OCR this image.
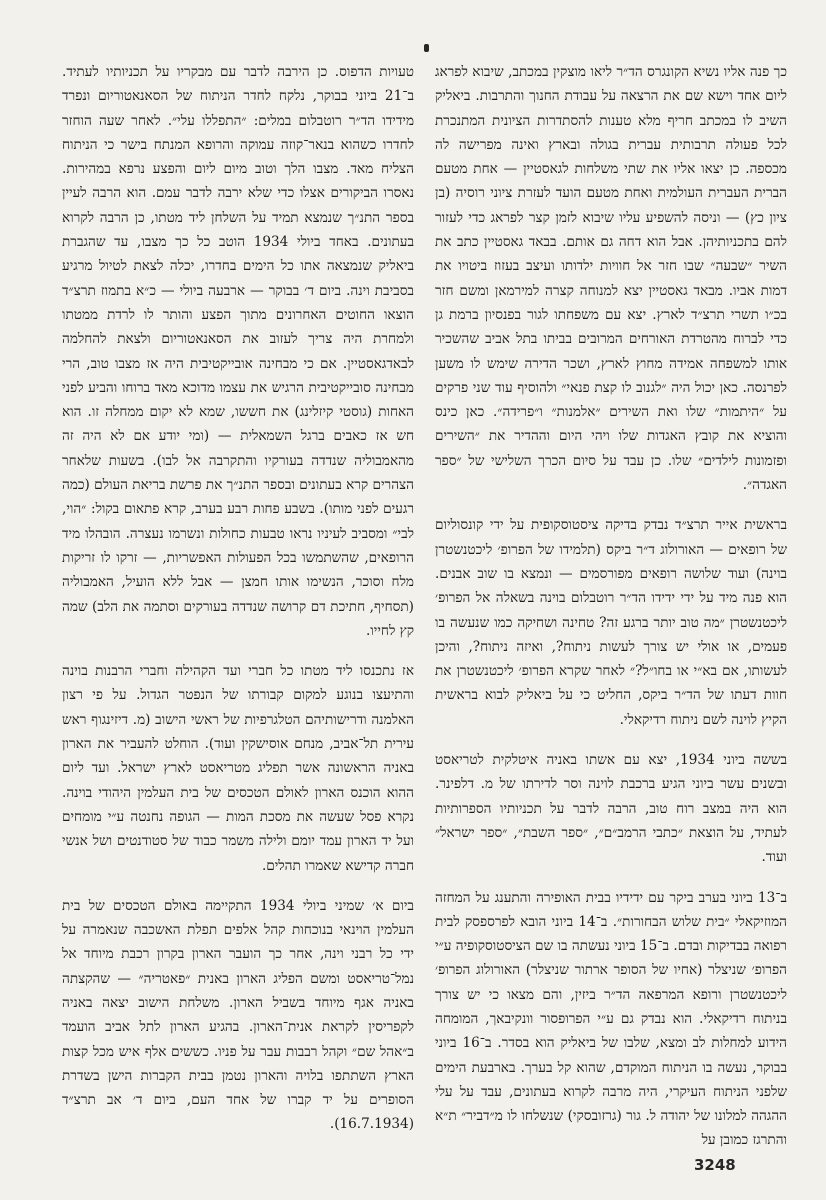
כך פנה אליו נשיא הקונגרס הד״ר ליאו מוצקין במכתב, שיבוא לפראג ליום אחד וישא שם את הרצאה על עבודת החנוך והתרבות. ביאליק השיב לו במכתב חריף מלא טענות להסתדרות הציונית המתנכרת לכל פעולה תרבותית עברית בגולה ובארץ ואינה מפרישה לה מכספה. כן יצאו אליו את שתי משלחות לגאסטיין — אחת מטעם הברית העברית העולמית ואחת מטעם הועד לעזרת ציוני רוסיה (בן ציון כץ) — וניסה להשפיע עליו שיבוא לזמן קצר לפראג כדי לעזור להם בתכניותיהן. אבל הוא דחה גם אותם. בבאד גאסטיין כתב את השיר ״שבעה״ שבו חזר אל חוויות ילדותו ועיצב בעזוז ביטויו את דמות אביו. מבאד גאסטיין יצא למנוחה קצרה למירמאן ומשם חזר בכ״ו תשרי תרצ״ד לארץ. יצא עם משפחתו לגור בפנסיון ברמת גן כדי לברוח מהטרדת האורחים המרובים בביתו בתל אביב שהשכיר אותו למשפחה אמידה מחוץ לארץ, ושכר הדירה שימש לו משען לפרנסה. כאן יכול היה ״לגנוב לו קצת פנאי״ ולהוסיף עוד שני פרקים על ״היתמות״ שלו ואת השירים ״אלמנות״ ו״פרידה״. כאן כינס והוציא את קובץ האגדות שלו ויהי היום וההדיר את ״השירים ופזמונות לילדים״ שלו. כן עבד על סיום הכרך השלישי של ״ספר האגדה״.

בראשית אייר תרצ״ד נבדק בדיקה ציסטוסקופית על ידי קונסוליום של רופאים — האורולוג ד״ר ביקס (תלמידו של הפרופ׳ ליכטנשטרן בוינה) ועוד שלושה רופאים מפורסמים — ונמצא בו שוב אבנים. הוא פנה מיד על ידי ידידו הד״ר רוטבלום בוינה בשאלה אל הפרופ׳ ליכטנשטרן ״מה טוב יותר ברגע זה? טחינה ושחיקה כמו שנעשה בו פעמים, או אולי יש צורך לעשות ניתוח?, ואיזה ניתוח?, והיכן לעשותו, אם בא״י או בחו״ל?״ לאחר שקרא הפרופ׳ ליכטנשטרן את חוות דעתו של הד״ר ביקס, החליט כי על ביאליק לבוא בראשית הקיץ לוינה לשם ניתוח רדיקאלי.

בששה ביוני 1934, יצא עם אשתו באניה איטלקית לטריאסט ובשנים עשר ביוני הגיע ברכבת לוינה וסר לדירתו של מ. דלפינר. הוא היה במצב רוח טוב, הרבה לדבר על תכניותיו הספרותיות לעתיד, על הוצאת ״כתבי הרמב״ם״, ״ספר השבת״, ״ספר ישראל״ ועוד.

ב־13 ביוני בערב ביקר עם ידידיו בבית האופירה והתענג על המחזה המוזיקאלי ״בית שלוש הבחורות״. ב־14 ביוני הובא לפרספסק לבית רפואה בבדיקות ובדם. ב־15 ביוני נעשתה בו שם הציסטוסקופיה ע״י הפרופ׳ שניצלר (אחיו של הסופר ארתור שניצלר) האורולוג הפרופ׳ ליכטנשטרן ורופא המרפאה הד״ר ביזין, והם מצאו כי יש צורך בניתוח רדיקאלי. הוא נבדק גם ע״י הפרופסור וונקיבאך, המומחה הידוע למחלות לב ומצא, שלבו של ביאליק הוא בסדר. ב־16 ביוני בבוקר, נעשה בו הניתוח המוקדם, שהוא קל בערך. בארבעת הימים שלפני הניתוח העיקרי, היה מרבה לקרוא בעתונים, עבד על עלי ההגהה למלונו של יהודה ל. גור (גרזובסקי) שנשלחו לו מ״דביר״ ת״א והתרגז כמובן על

טעויות הדפוס. כן הירבה לדבר עם מבקריו על תכניותיו לעתיד. ב־21 ביוני בבוקר, נלקח לחדר הניתוח של הסאנאטוריום ונפרד מידידו הד״ר רוטבלום במלים: ״התפללו עלי״. לאחר שעה הוחזר לחדרו כשהוא בנאר־קוזה עמוקה והרופא המנתח בישר כי הניתוח הצליח מאד. מצבו הלך וטוב מיום ליום והפצע נרפא במהירות. נאסרו הביקורים אצלו כדי שלא ירבה לדבר עמם. הוא הרבה לעיין בספר התנ״ך שנמצא תמיד על השלחן ליד מטתו, כן הרבה לקרוא בעתונים. באחד ביולי 1934 הוטב כל כך מצבו, עד שהגברת ביאליק שנמצאה אתו כל הימים בחדרו, יכלה לצאת לטיול מרגיע בסביבת וינה. ביום ד׳ בבוקר — ארבעה ביולי — כ״א בתמוז תרצ״ד הוצאו החוטים האחרונים מתוך הפצע והותר לו לרדת ממטתו ולמחרת היה צריך לעזוב את הסאנאטוריום ולצאת להחלמה לבאדגאסטיין. אם כי מבחינה אובייקטיבית היה אז מצבו טוב, הרי מבחינה סובייקטיבית הרגיש את עצמו מדוכא מאד ברוחו והביע לפני האחות (גוסטי קיזלינג) את חששו, שמא לא יקום ממחלה זו. הוא חש אז כאבים ברגל השמאלית — (ומי יודע אם לא היה זה מהאמבוליה שנדדה בעורקיו והתקרבה אל לבו). בשעות שלאחר הצהרים קרא בעתונים ובספר התנ״ך את פרשת בריאת העולם (כמה רגעים לפני מותו). בשבע פחות רבע בערב, קרא פתאום בקול: ״הוי, לבי״ ומסביב לעיניו נראו טבעות כחולות ונשרמו נעצרה. הובהלו מיד הרופאים, שהשתמשו בכל הפעולות האפשריות, — זרקו לו זריקות מלח וסוכר, הנשימו אותו חמצן — אבל ללא הועיל, האמבוליה (תסחיף, חתיכת דם קרושה שנדדה בעורקים וסתמה את הלב) שמה קץ לחייו.

אז נתכנסו ליד מטתו כל חברי ועד הקהילה וחברי הרבנות בוינה והתיעצו בנוגע למקום קבורתו של הנפטר הגדול. על פי רצון האלמנה ודרישותיהם הטלגרפיות של ראשי הישוב (מ. דיזינגוף ראש עירית תל־אביב, מנחם אוסישקין ועוד). הוחלט להעביר את הארון באניה הראשונה אשר תפליג מטריאסט לארץ ישראל. ועד ליום ההוא הוכנס הארון לאולם הטכסים של בית העלמין היהודי בוינה. נקרא פסל שעשה את מסכת המות — הגופה נחנטה ע״י מומחים ועל יד הארון עמד יומם ולילה משמר כבוד של סטודנטים ושל אנשי חברה קדישא שאמרו תהלים.

ביום א׳ שמיני ביולי 1934 התקיימה באולם הטכסים של בית העלמין הוינאי בנוכחות קהל אלפים תפלת האשכבה שנאמרה על ידי כל רבני וינה, אחר כך הועבר הארון בקרון רכבת מיוחד אל נמל־טריאסט ומשם הפליג הארון באנית ״פאטריה״ — שהקצתה באניה אגף מיוחד בשביל הארון. משלחת הישוב יצאה באניה לקפריסין לקראת אנית־הארון. בהגיע הארון לתל אביב הועמד ב״אהל שם״ וקהל רבבות עבר על פניו. כששים אלף איש מכל קצות הארץ השתתפו בלויה והארון נטמן בבית הקברות הישן בשדרת הסופרים על יד קברו של אחד העם, ביום ד׳ אב תרצ״ד (16.7.1934).

3248
